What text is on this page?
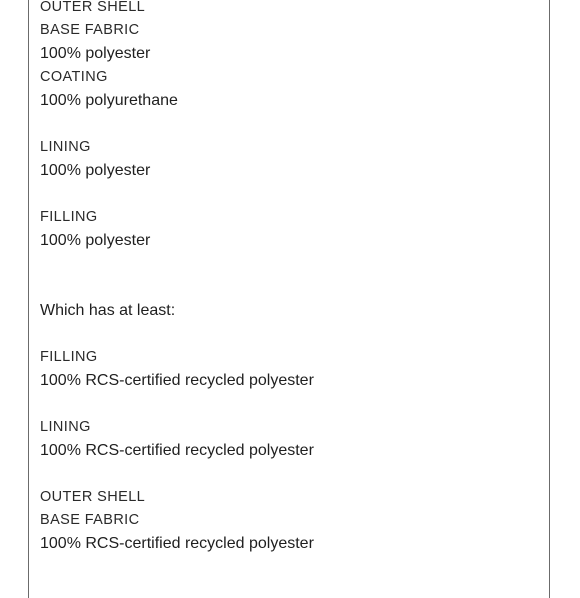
OUTER SHELL
BASE FABRIC
100% polyester
COATING
100% polyurethane
LINING
100% polyester
FILLING
100% polyester
Which has at least:
FILLING
100% RCS-certified recycled polyester
LINING
100% RCS-certified recycled polyester
OUTER SHELL
BASE FABRIC
100% RCS-certified recycled polyester
